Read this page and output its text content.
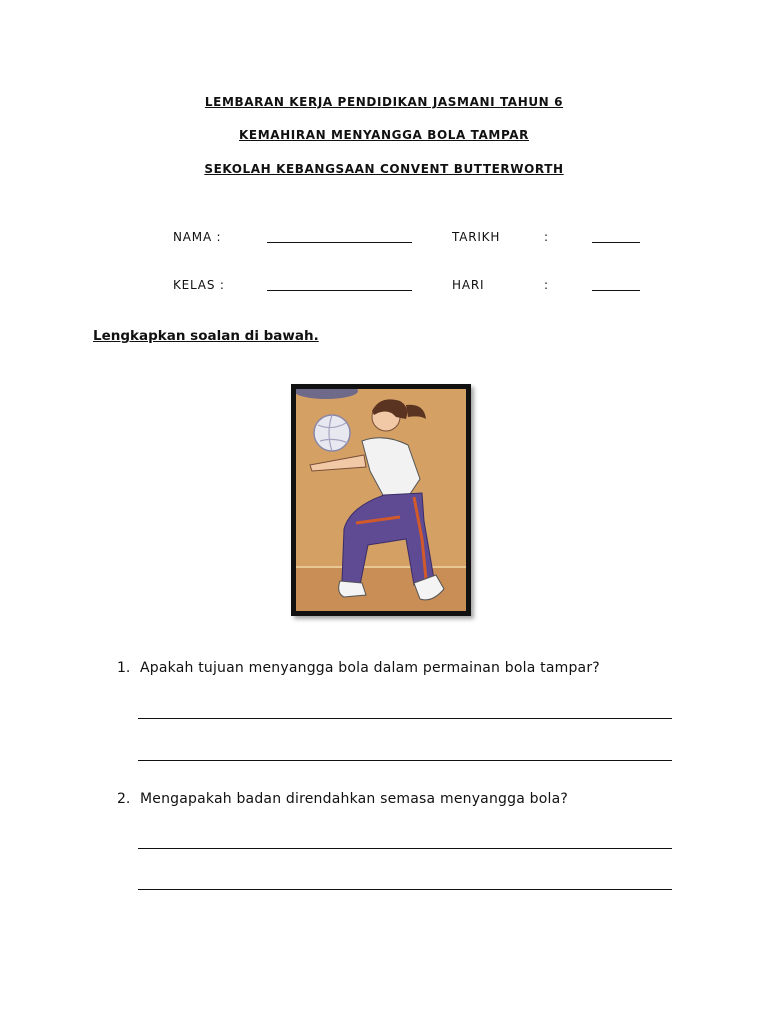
LEMBARAN KERJA PENDIDIKAN JASMANI TAHUN 6
KEMAHIRAN MENYANGGA BOLA TAMPAR
SEKOLAH KEBANGSAAN CONVENT BUTTERWORTH
NAMA :	TARIKH	:
KELAS :	HARI	:
Lengkapkan soalan di bawah.
1. Apakah tujuan menyangga bola dalam permainan bola tampar?
2. Mengapakah badan direndahkan semasa menyangga bola?
